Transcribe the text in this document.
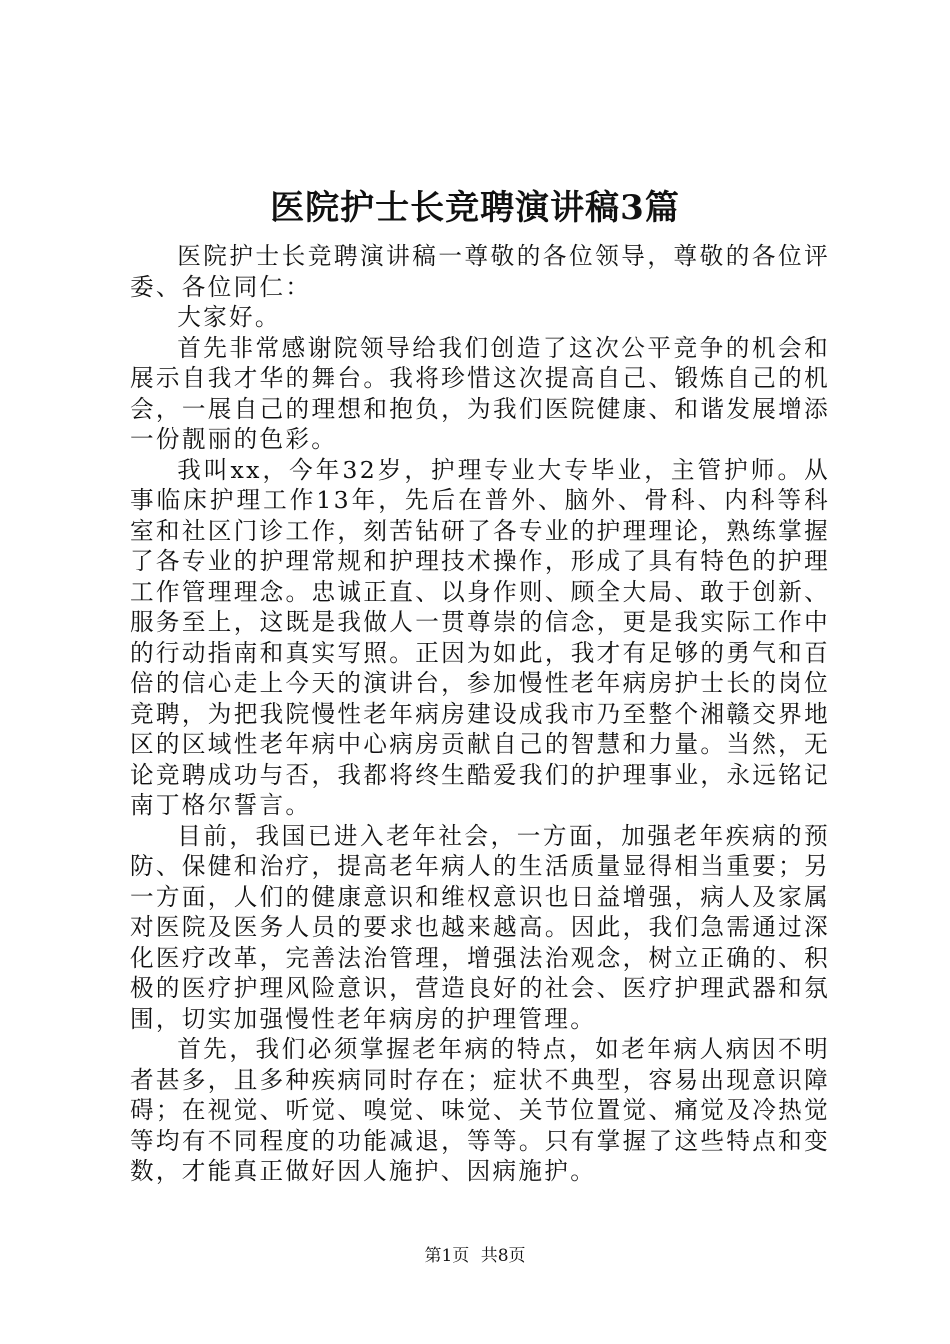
医院护士长竞聘演讲稿3篇

医院护士长竞聘演讲稿一尊敬的各位领导，尊敬的各位评委、各位同仁：

大家好。

首先非常感谢院领导给我们创造了这次公平竞争的机会和展示自我才华的舞台。我将珍惜这次提高自己、锻炼自己的机会，一展自己的理想和抱负，为我们医院健康、和谐发展增添一份靓丽的色彩。

我叫xx，今年32岁，护理专业大专毕业，主管护师。从事临床护理工作13年，先后在普外、脑外、骨科、内科等科室和社区门诊工作，刻苦钻研了各专业的护理理论，熟练掌握了各专业的护理常规和护理技术操作，形成了具有特色的护理工作管理理念。忠诚正直、以身作则、顾全大局、敢于创新、服务至上，这既是我做人一贯尊崇的信念，更是我实际工作中的行动指南和真实写照。正因为如此，我才有足够的勇气和百倍的信心走上今天的演讲台，参加慢性老年病房护士长的岗位竞聘，为把我院慢性老年病房建设成我市乃至整个湘赣交界地区的区域性老年病中心病房贡献自己的智慧和力量。当然，无论竞聘成功与否，我都将终生酷爱我们的护理事业，永远铭记南丁格尔誓言。

目前，我国已进入老年社会，一方面，加强老年疾病的预防、保健和治疗，提高老年病人的生活质量显得相当重要；另一方面，人们的健康意识和维权意识也日益增强，病人及家属对医院及医务人员的要求也越来越高。因此，我们急需通过深化医疗改革，完善法治管理，增强法治观念，树立正确的、积极的医疗护理风险意识，营造良好的社会、医疗护理武器和氛围，切实加强慢性老年病房的护理管理。

首先，我们必须掌握老年病的特点，如老年病人病因不明者甚多，且多种疾病同时存在；症状不典型，容易出现意识障碍；在视觉、听觉、嗅觉、味觉、关节位置觉、痛觉及冷热觉等均有不同程度的功能减退，等等。只有掌握了这些特点和变数，才能真正做好因人施护、因病施护。

第1页 共8页
